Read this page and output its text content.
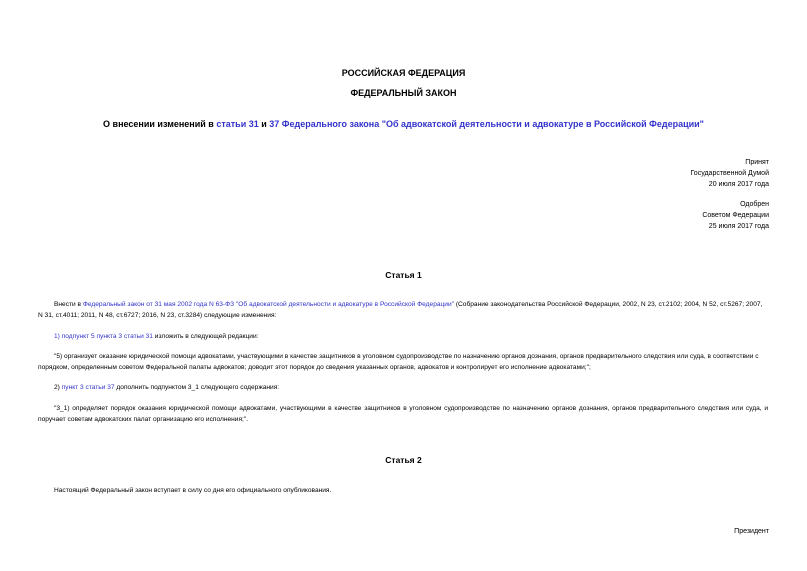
РОССИЙСКАЯ ФЕДЕРАЦИЯ
ФЕДЕРАЛЬНЫЙ ЗАКОН
О внесении изменений в статьи 31 и 37 Федерального закона "Об адвокатской деятельности и адвокатуре в Российской Федерации"
Принят
Государственной Думой
20 июля 2017 года
Одобрен
Советом Федерации
25 июля 2017 года
Статья 1
Внести в Федеральный закон от 31 мая 2002 года N 63-ФЗ "Об адвокатской деятельности и адвокатуре в Российской Федерации" (Собрание законодательства Российской Федерации, 2002, N 23, ст.2102; 2004, N 52, ст.5267; 2007, N 31, ст.4011; 2011, N 48, ст.6727; 2016, N 23, ст.3284) следующие изменения:
1) подпункт 5 пункта 3 статьи 31 изложить в следующей редакции:
"5) организует оказание юридической помощи адвокатами, участвующими в качестве защитников в уголовном судопроизводстве по назначению органов дознания, органов предварительного следствия или суда, в соответствии с порядком, определенным советом Федеральной палаты адвокатов; доводит этот порядок до сведения указанных органов, адвокатов и контролирует его исполнение адвокатами;";
2) пункт 3 статьи 37 дополнить подпунктом 3_1 следующего содержания:
"3_1) определяет порядок оказания юридической помощи адвокатами, участвующими в качестве защитников в уголовном судопроизводстве по назначению органов дознания, органов предварительного следствия или суда, и поручает советам адвокатских палат организацию его исполнения;".
Статья 2
Настоящий Федеральный закон вступает в силу со дня его официального опубликования.
Президент
